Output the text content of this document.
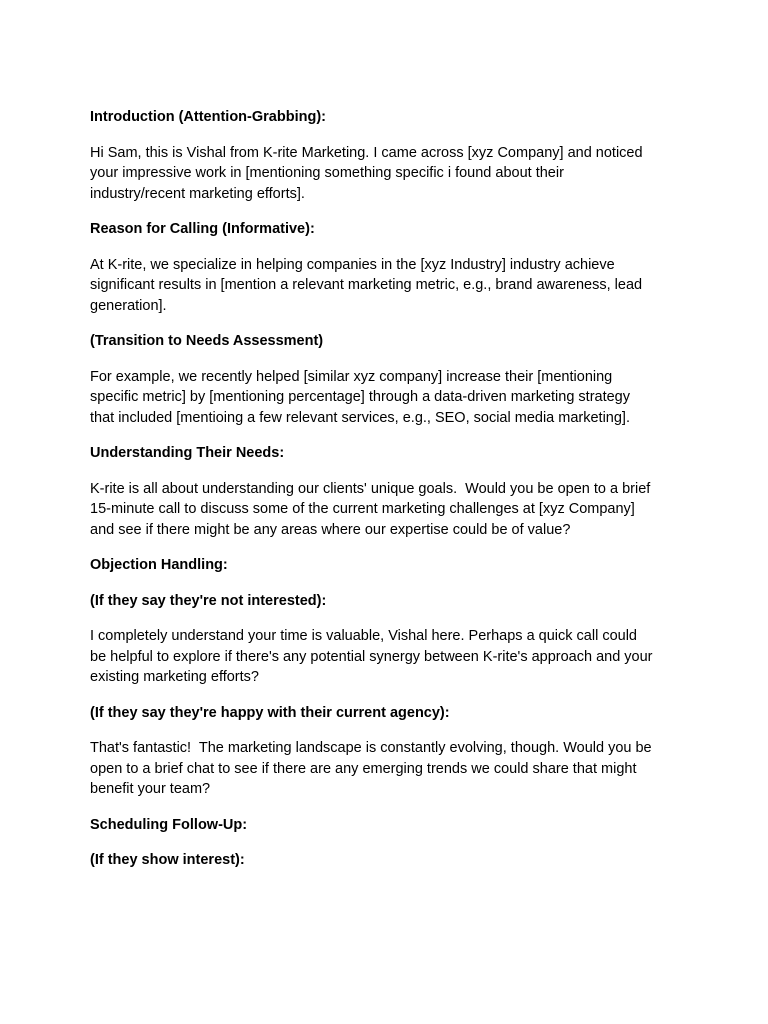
Introduction (Attention-Grabbing):
Hi Sam, this is Vishal from K-rite Marketing. I came across [xyz Company] and noticed
your impressive work in [mentioning something specific i found about their
industry/recent marketing efforts].
Reason for Calling (Informative):
At K-rite, we specialize in helping companies in the [xyz Industry] industry achieve
significant results in [mention a relevant marketing metric, e.g., brand awareness, lead
generation].
(Transition to Needs Assessment)
For example, we recently helped [similar xyz company] increase their [mentioning
specific metric] by [mentioning percentage] through a data-driven marketing strategy
that included [mentioing a few relevant services, e.g., SEO, social media marketing].
Understanding Their Needs:
K-rite is all about understanding our clients' unique goals.  Would you be open to a brief
15-minute call to discuss some of the current marketing challenges at [xyz Company]
and see if there might be any areas where our expertise could be of value?
Objection Handling:
(If they say they're not interested):
I completely understand your time is valuable, Vishal here. Perhaps a quick call could
be helpful to explore if there's any potential synergy between K-rite's approach and your
existing marketing efforts?
(If they say they're happy with their current agency):
That's fantastic!  The marketing landscape is constantly evolving, though. Would you be
open to a brief chat to see if there are any emerging trends we could share that might
benefit your team?
Scheduling Follow-Up:
(If they show interest):
